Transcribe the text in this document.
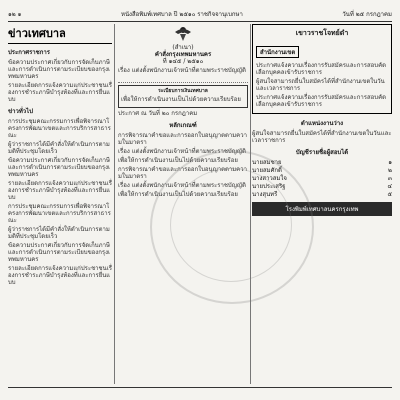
๑๒ ๑	หนังสือพิมพ์เทศบาล ปี ๒๕๑๐ ราชกิจจานุเบกษา	วันที่ ๒๕ กรกฎาคม
ข่าวเทศบาล
ประกาศราชการ
ข้อความประกาศเกี่ยวกับการจัดเก็บภาษีและการดำเนินการตามระเบียบของกรุงเทพมหานคร
รายละเอียดการแจ้งความแก่ประชาชนเรื่องการชำระภาษีบำรุงท้องที่และการยื่นแบบ
ข่าวทั่วไป
การประชุมคณะกรรมการเพื่อพิจารณาโครงการพัฒนาเขตและการบริการสาธารณะ
ผู้ว่าราชการได้มีคำสั่งให้ดำเนินการตามมติที่ประชุมโดยเร็ว
ข้อความประกาศเกี่ยวกับการจัดเก็บภาษีและการดำเนินการตามระเบียบของกรุงเทพมหานคร
รายละเอียดการแจ้งความแก่ประชาชนเรื่องการชำระภาษีบำรุงท้องที่และการยื่นแบบ
การประชุมคณะกรรมการเพื่อพิจารณาโครงการพัฒนาเขตและการบริการสาธารณะ
ผู้ว่าราชการได้มีคำสั่งให้ดำเนินการตามมติที่ประชุมโดยเร็ว
ข้อความประกาศเกี่ยวกับการจัดเก็บภาษีและการดำเนินการตามระเบียบของกรุงเทพมหานคร
รายละเอียดการแจ้งความแก่ประชาชนเรื่องการชำระภาษีบำรุงท้องที่และการยื่นแบบ
(สำเนา)
คำสั่งกรุงเทพมหานคร
ที่ ๑๔๕ / ๒๕๑๐
เรื่อง แต่งตั้งพนักงานเจ้าหน้าที่ตามพระราชบัญญัติ
ระเบียบการเงินเทศบาล
เพื่อให้การดำเนินงานเป็นไปด้วยความเรียบร้อย
ประกาศ ณ วันที่ ๒๐ กรกฎาคม
หลักเกณฑ์
การพิจารณาคำขอและการออกใบอนุญาตตามความในมาตรา
เรื่อง แต่งตั้งพนักงานเจ้าหน้าที่ตามพระราชบัญญัติ
เพื่อให้การดำเนินงานเป็นไปด้วยความเรียบร้อย
การพิจารณาคำขอและการออกใบอนุญาตตามความในมาตรา
เรื่อง แต่งตั้งพนักงานเจ้าหน้าที่ตามพระราชบัญญัติ
เพื่อให้การดำเนินงานเป็นไปด้วยความเรียบร้อย
เขาวราชโจทย์ดำ
สำนักงานเขต
ประกาศแจ้งความเรื่องการรับสมัครและการสอบคัดเลือกบุคคลเข้ารับราชการ
ผู้สนใจสามารถยื่นใบสมัครได้ที่สำนักงานเขตในวันและเวลาราชการ
ประกาศแจ้งความเรื่องการรับสมัครและการสอบคัดเลือกบุคคลเข้ารับราชการ
ตำแหน่งงานว่าง
ผู้สนใจสามารถยื่นใบสมัครได้ที่สำนักงานเขตในวันและเวลาราชการ
บัญชีรายชื่อผู้สอบได้
นายสมชาย	๑
นายสมศักดิ์	๒
นางสาวสมใจ	๓
นายประเสริฐ	๔
นางสุนทรี	๕
โรงพิมพ์เทศบาลนครกรุงเทพ
